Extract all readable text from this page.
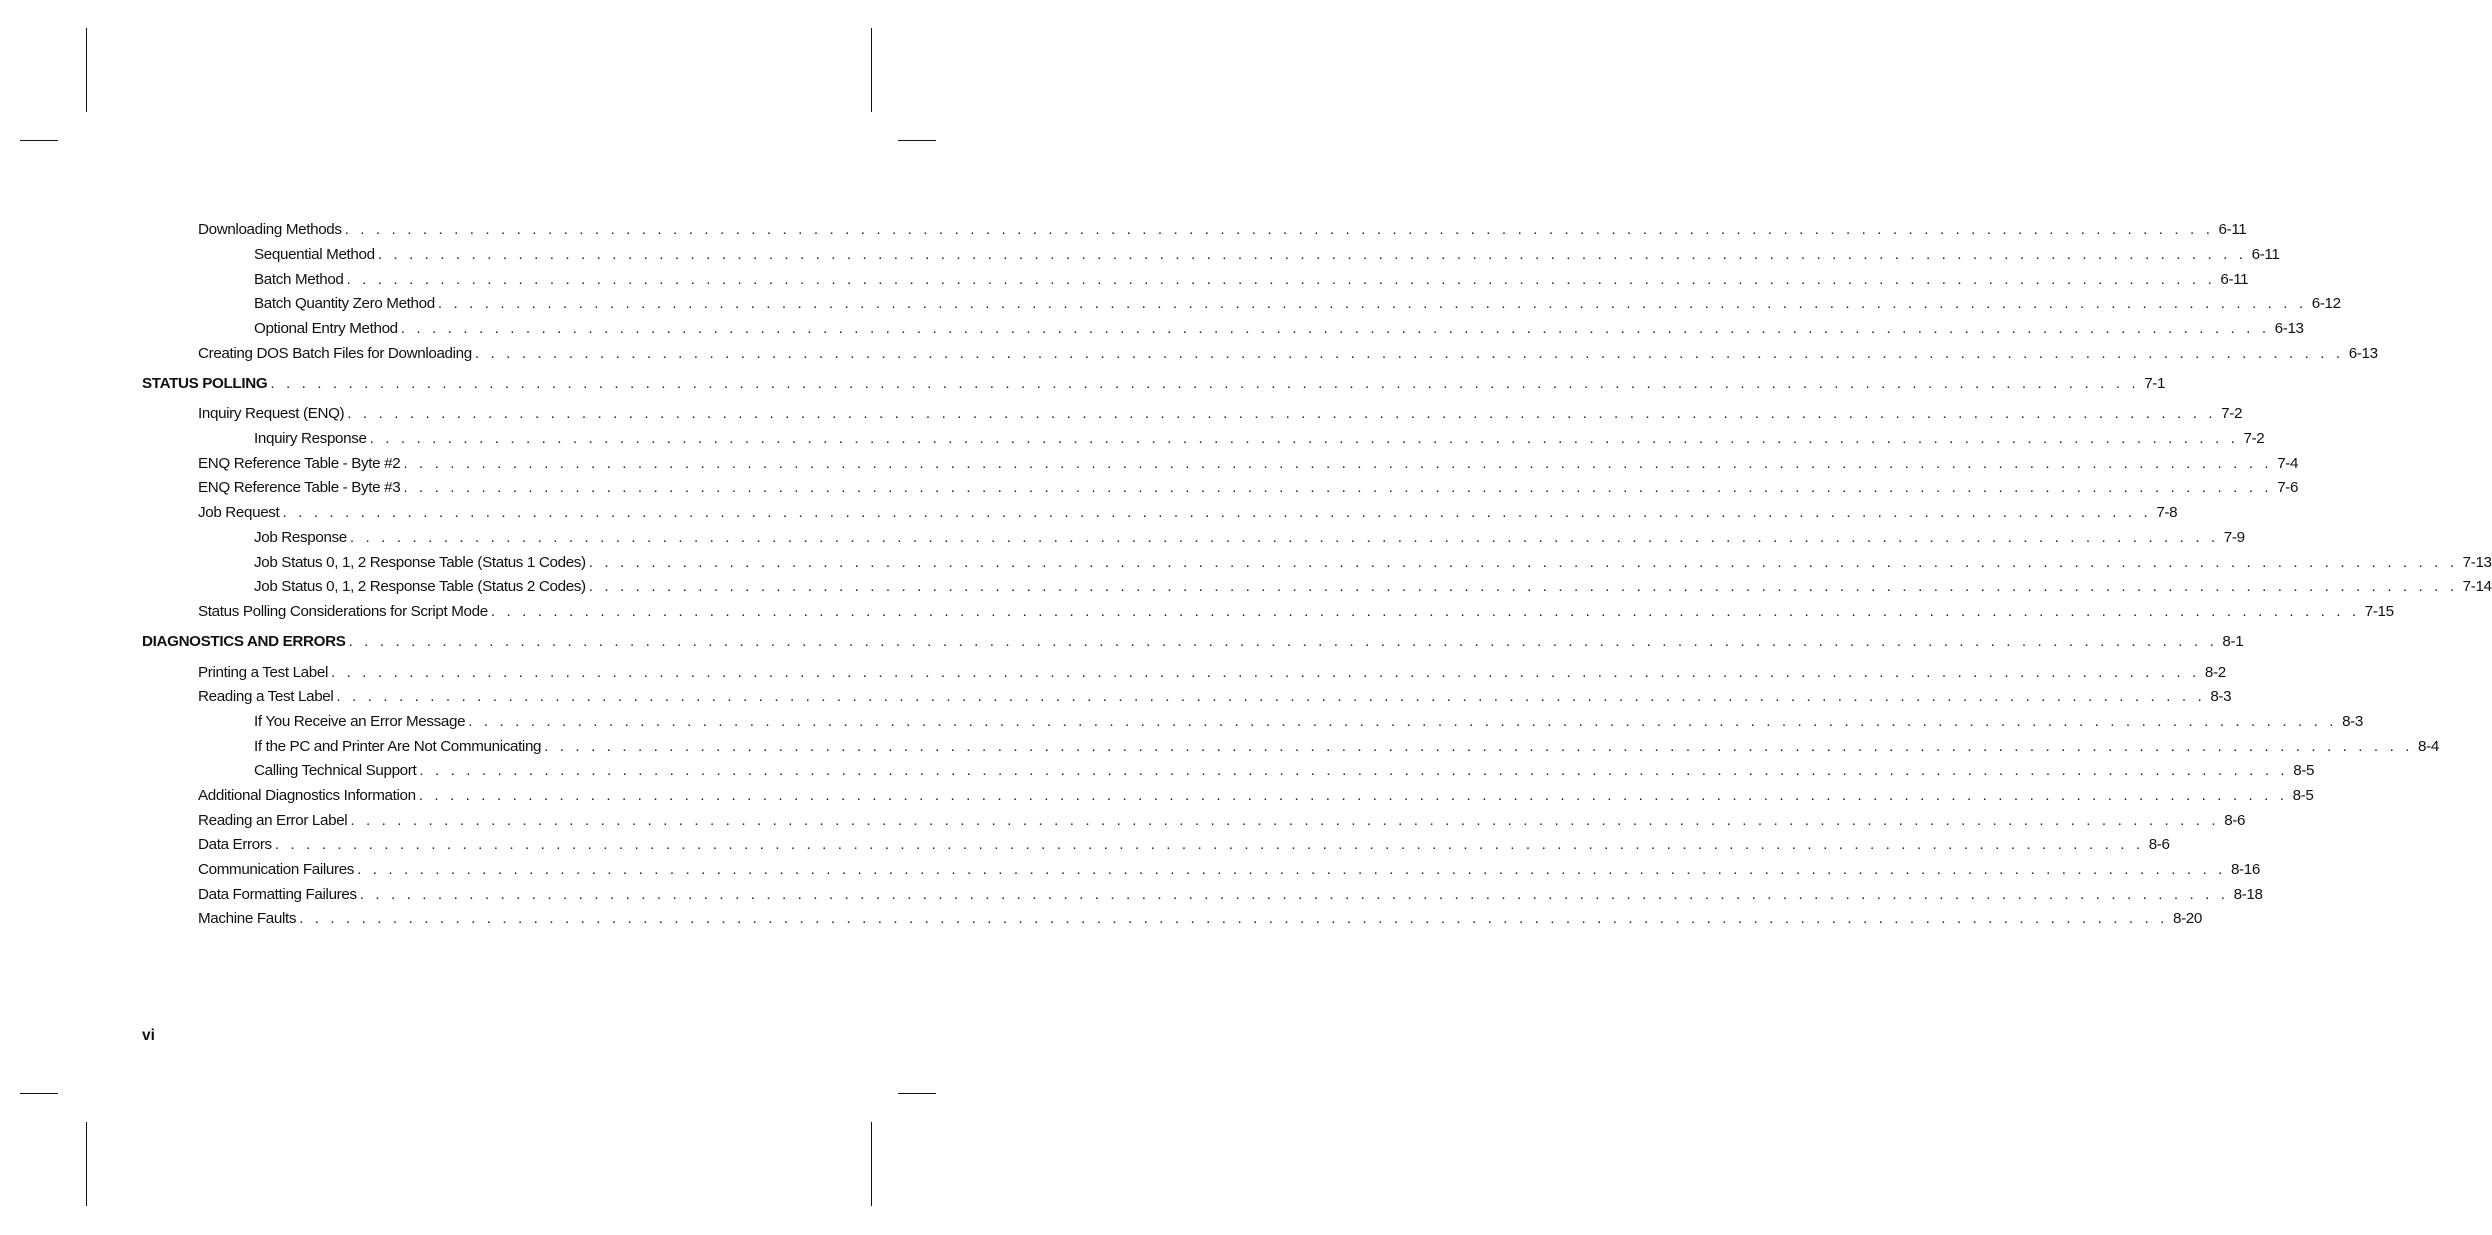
Downloading Methods . . . . . . . . . . . . . . . . . . . . . . . . . . . . . . . . . . . . . . . . . . . . . . . . . . . . . . . . . . . . . . . . . . . . . . . . . . . . . . . . . . . . . . . . . . . . . . . . . . . . . . . . . . . . . . . . . . . . . . . . 6-11
Sequential Method . . . . . . . . . . . . . . . . . . . . . . . . . . . . . . . . . . . . . . . . . . . . . . . . . . . . . . . . . . . . . . . . . . . . . . . . . . . . . . . . . . . . . . . . . . . . . . . . . . . . . . . . . . . . . . . . . . . . . . . . 6-11
Batch Method . . . . . . . . . . . . . . . . . . . . . . . . . . . . . . . . . . . . . . . . . . . . . . . . . . . . . . . . . . . . . . . . . . . . . . . . . . . . . . . . . . . . . . . . . . . . . . . . . . . . . . . . . . . . . . . . . . . . . . . . 6-11
Batch Quantity Zero Method . . . . . . . . . . . . . . . . . . . . . . . . . . . . . . . . . . . . . . . . . . . . . . . . . . . . . . . . . . . . . . . . . . . . . . . . . . . . . . . . . . . . . . . . . . . . . . . . . . . . . . . . . . . . . . . . . . . . . . . . 6-12
Optional Entry Method . . . . . . . . . . . . . . . . . . . . . . . . . . . . . . . . . . . . . . . . . . . . . . . . . . . . . . . . . . . . . . . . . . . . . . . . . . . . . . . . . . . . . . . . . . . . . . . . . . . . . . . . . . . . . . . . . . . . . . . . 6-13
Creating DOS Batch Files for Downloading . . . . . . . . . . . . . . . . . . . . . . . . . . . . . . . . . . . . . . . . . . . . . . . . . . . . . . . . . . . . . . . . . . . . . . . . . . . . . . . . . . . . . . . . . . . . . . . . . . . . . . . . . . . . . . . . . . . . . . . . 6-13
STATUS POLLING . . . . . . . . . . . . . . . . . . . . . . . . . . . . . . . . . . . . . . . . . . . . . . . . . . . . . . . . . . . . . . . . . . . . . . . . . . . . . . . . . . . . . . . . . . . . . . . . . . . . . . . . . . . . . . . . . . . . . . . . 7-1
Inquiry Request (ENQ) . . . . . . . . . . . . . . . . . . . . . . . . . . . . . . . . . . . . . . . . . . . . . . . . . . . . . . . . . . . . . . . . . . . . . . . . . . . . . . . . . . . . . . . . . . . . . . . . . . . . . . . . . . . . . . . . . . . . . . . . 7-2
Inquiry Response . . . . . . . . . . . . . . . . . . . . . . . . . . . . . . . . . . . . . . . . . . . . . . . . . . . . . . . . . . . . . . . . . . . . . . . . . . . . . . . . . . . . . . . . . . . . . . . . . . . . . . . . . . . . . . . . . . . . . . . . 7-2
ENQ Reference Table - Byte #2 . . . . . . . . . . . . . . . . . . . . . . . . . . . . . . . . . . . . . . . . . . . . . . . . . . . . . . . . . . . . . . . . . . . . . . . . . . . . . . . . . . . . . . . . . . . . . . . . . . . . . . . . . . . . . . . . . . . . . . . . 7-4
ENQ Reference Table - Byte #3 . . . . . . . . . . . . . . . . . . . . . . . . . . . . . . . . . . . . . . . . . . . . . . . . . . . . . . . . . . . . . . . . . . . . . . . . . . . . . . . . . . . . . . . . . . . . . . . . . . . . . . . . . . . . . . . . . . . . . . . . 7-6
Job Request . . . . . . . . . . . . . . . . . . . . . . . . . . . . . . . . . . . . . . . . . . . . . . . . . . . . . . . . . . . . . . . . . . . . . . . . . . . . . . . . . . . . . . . . . . . . . . . . . . . . . . . . . . . . . . . . . . . . . . . . 7-8
Job Response . . . . . . . . . . . . . . . . . . . . . . . . . . . . . . . . . . . . . . . . . . . . . . . . . . . . . . . . . . . . . . . . . . . . . . . . . . . . . . . . . . . . . . . . . . . . . . . . . . . . . . . . . . . . . . . . . . . . . . . . 7-9
Job Status 0, 1, 2 Response Table (Status 1 Codes) . . . . . . . . . . . . . . . . . . . . . . . . . . . . . . . . . . . . . . . . . . . . . . . . . . . . . . . . . . . . . . . . . . . . . . . . . . . . . . . . . . . . . . . . . . . . . . . . . . . . . . . . . . . . . . . . . . . . . . . . 7-13
Job Status 0, 1, 2 Response Table (Status 2 Codes) . . . . . . . . . . . . . . . . . . . . . . . . . . . . . . . . . . . . . . . . . . . . . . . . . . . . . . . . . . . . . . . . . . . . . . . . . . . . . . . . . . . . . . . . . . . . . . . . . . . . . . . . . . . . . . . . . . . . . . . . 7-14
Status Polling Considerations for Script Mode . . . . . . . . . . . . . . . . . . . . . . . . . . . . . . . . . . . . . . . . . . . . . . . . . . . . . . . . . . . . . . . . . . . . . . . . . . . . . . . . . . . . . . . . . . . . . . . . . . . . . . . . . . . . . . . . . . . . . . . . 7-15
DIAGNOSTICS AND ERRORS . . . . . . . . . . . . . . . . . . . . . . . . . . . . . . . . . . . . . . . . . . . . . . . . . . . . . . . . . . . . . . . . . . . . . . . . . . . . . . . . . . . . . . . . . . . . . . . . . . . . . . . . . . . . . . . . . . . . . . . . 8-1
Printing a Test Label . . . . . . . . . . . . . . . . . . . . . . . . . . . . . . . . . . . . . . . . . . . . . . . . . . . . . . . . . . . . . . . . . . . . . . . . . . . . . . . . . . . . . . . . . . . . . . . . . . . . . . . . . . . . . . . . . . . . . . . . 8-2
Reading a Test Label . . . . . . . . . . . . . . . . . . . . . . . . . . . . . . . . . . . . . . . . . . . . . . . . . . . . . . . . . . . . . . . . . . . . . . . . . . . . . . . . . . . . . . . . . . . . . . . . . . . . . . . . . . . . . . . . . . . . . . . . 8-3
If You Receive an Error Message . . . . . . . . . . . . . . . . . . . . . . . . . . . . . . . . . . . . . . . . . . . . . . . . . . . . . . . . . . . . . . . . . . . . . . . . . . . . . . . . . . . . . . . . . . . . . . . . . . . . . . . . . . . . . . . . . . . . . . . . 8-3
If the PC and Printer Are Not Communicating . . . . . . . . . . . . . . . . . . . . . . . . . . . . . . . . . . . . . . . . . . . . . . . . . . . . . . . . . . . . . . . . . . . . . . . . . . . . . . . . . . . . . . . . . . . . . . . . . . . . . . . . . . . . . . . . . . . . . . . . 8-4
Calling Technical Support . . . . . . . . . . . . . . . . . . . . . . . . . . . . . . . . . . . . . . . . . . . . . . . . . . . . . . . . . . . . . . . . . . . . . . . . . . . . . . . . . . . . . . . . . . . . . . . . . . . . . . . . . . . . . . . . . . . . . . . . 8-5
Additional Diagnostics Information . . . . . . . . . . . . . . . . . . . . . . . . . . . . . . . . . . . . . . . . . . . . . . . . . . . . . . . . . . . . . . . . . . . . . . . . . . . . . . . . . . . . . . . . . . . . . . . . . . . . . . . . . . . . . . . . . . . . . . . . 8-5
Reading an Error Label . . . . . . . . . . . . . . . . . . . . . . . . . . . . . . . . . . . . . . . . . . . . . . . . . . . . . . . . . . . . . . . . . . . . . . . . . . . . . . . . . . . . . . . . . . . . . . . . . . . . . . . . . . . . . . . . . . . . . . . . 8-6
Data Errors . . . . . . . . . . . . . . . . . . . . . . . . . . . . . . . . . . . . . . . . . . . . . . . . . . . . . . . . . . . . . . . . . . . . . . . . . . . . . . . . . . . . . . . . . . . . . . . . . . . . . . . . . . . . . . . . . . . . . . . . 8-6
Communication Failures . . . . . . . . . . . . . . . . . . . . . . . . . . . . . . . . . . . . . . . . . . . . . . . . . . . . . . . . . . . . . . . . . . . . . . . . . . . . . . . . . . . . . . . . . . . . . . . . . . . . . . . . . . . . . . . . . . . . . . . . 8-16
Data Formatting Failures . . . . . . . . . . . . . . . . . . . . . . . . . . . . . . . . . . . . . . . . . . . . . . . . . . . . . . . . . . . . . . . . . . . . . . . . . . . . . . . . . . . . . . . . . . . . . . . . . . . . . . . . . . . . . . . . . . . . . . . . 8-18
Machine Faults . . . . . . . . . . . . . . . . . . . . . . . . . . . . . . . . . . . . . . . . . . . . . . . . . . . . . . . . . . . . . . . . . . . . . . . . . . . . . . . . . . . . . . . . . . . . . . . . . . . . . . . . . . . . . . . . . . . . . . . . 8-20
vi
